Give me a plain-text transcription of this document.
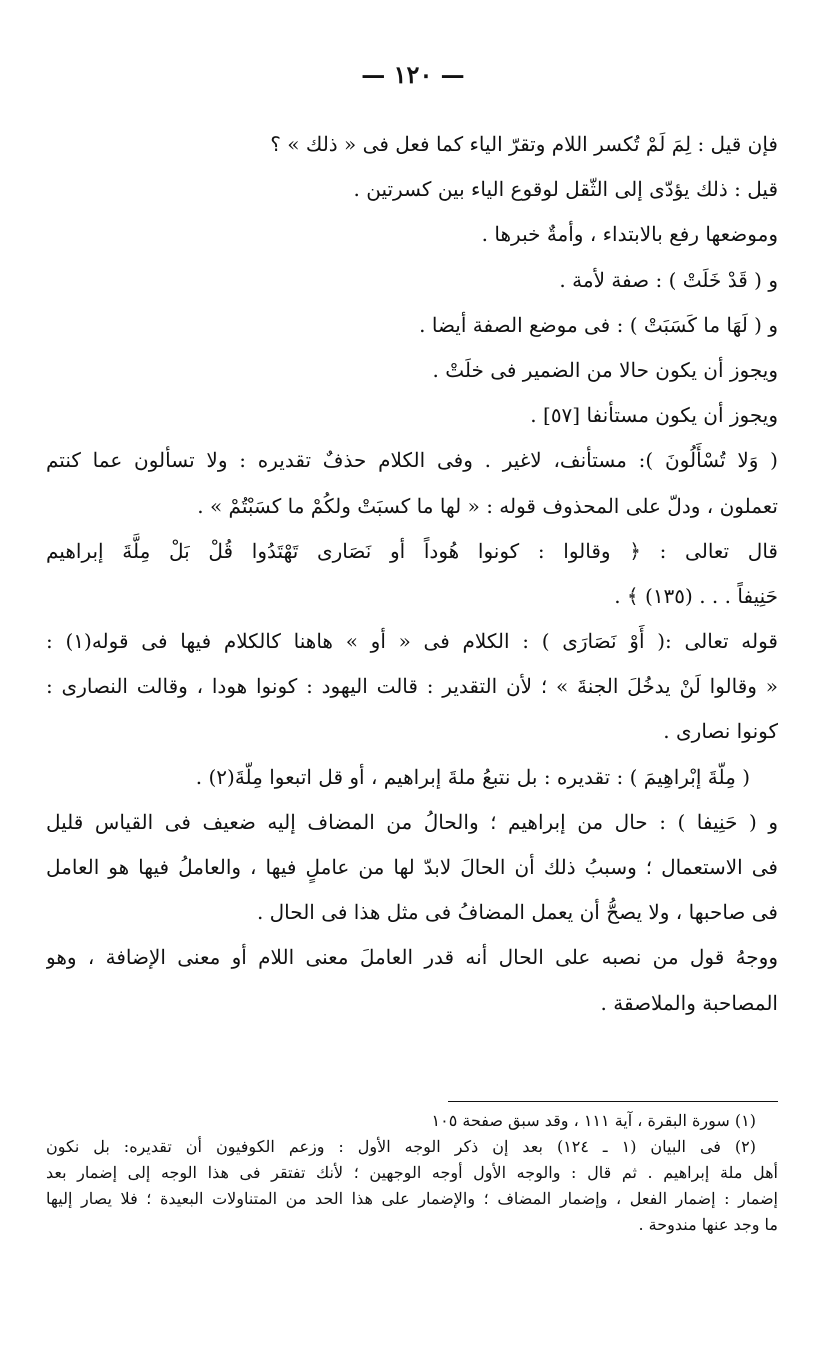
— ١٢٠ —
فإن قيل : لِمَ لَمْ تُكسر اللام وتقرّ الياء كما فعل فى « ذلك » ؟
قيل : ذلك يؤدّى إلى الثّقل لوقوع الياء بين كسرتين .
وموضعها رفع بالابتداء ، وأمةٌ خبرها .
و ( قَدْ خَلَتْ ) : صفة لأمة .
و ( لَهَا ما كَسَبَتْ ) : فى موضع الصفة أيضا .
ويجوز أن يكون حالا من الضمير فى خلَتْ .
ويجوز أن يكون مستأنفا [٥٧] .
( وَلا تُسْأَلُونَ ): مستأنف، لاغير . وفى الكلام حذفٌ تقديره : ولا تسألون عما كنتم
تعملون ، ودلّ على المحذوف قوله : « لها ما كسبَتْ ولكُمْ ما كسَبْتُمْ » .
قال تعالى : ﴿ وقالوا : كونوا هُوداً أو نَصَارى تَهْتَدُوا قُلْ بَلْ مِلَّةَ إبراهيم
حَنِيفاً . . . (١٣٥) ﴾ .
قوله تعالى :( أَوْ نَصَارَى ) : الكلام فى « أو » هاهنا كالكلام فيها فى قوله(١) :
« وقالوا لَنْ يدخُلَ الجنةَ » ؛ لأن التقدير : قالت اليهود : كونوا هودا ، وقالت النصارى :
كونوا نصارى .
( مِلّةَ إبْراهِيمَ ) : تقديره : بل نتبعُ ملةَ إبراهيم ، أو قل اتبعوا مِلّةَ(٢) .
و ( حَنِيفا ) : حال من إبراهيم ؛ والحالُ من المضاف إليه ضعيف فى القياس قليل
فى الاستعمال ؛ وسببُ ذلك أن الحالَ لابدّ لها من عاملٍ فيها ، والعاملُ فيها هو العامل
فى صاحبها ، ولا يصحُّ أن يعمل المضافُ فى مثل هذا فى الحال .
ووجهُ قول من نصبه على الحال أنه قدر العاملَ معنى اللام أو معنى الإضافة ، وهو
المصاحبة والملاصقة .
(١) سورة البقرة ، آية ١١١ ، وقد سبق صفحة ١٠٥
(٢) فى البيان (١ ـ ١٢٤) بعد إن ذكر الوجه الأول : وزعم الكوفيون أن تقديره: بل نكون
أهل ملة إبراهيم . ثم قال : والوجه الأول أوجه الوجهين ؛ لأنك تفتقر فى هذا الوجه إلى إضمار بعد
إضمار : إضمار الفعل ، وإضمار المضاف ؛ والإضمار على هذا الحد من المتناولات البعيدة ؛ فلا يصار إليها
ما وجد عنها مندوحة .
